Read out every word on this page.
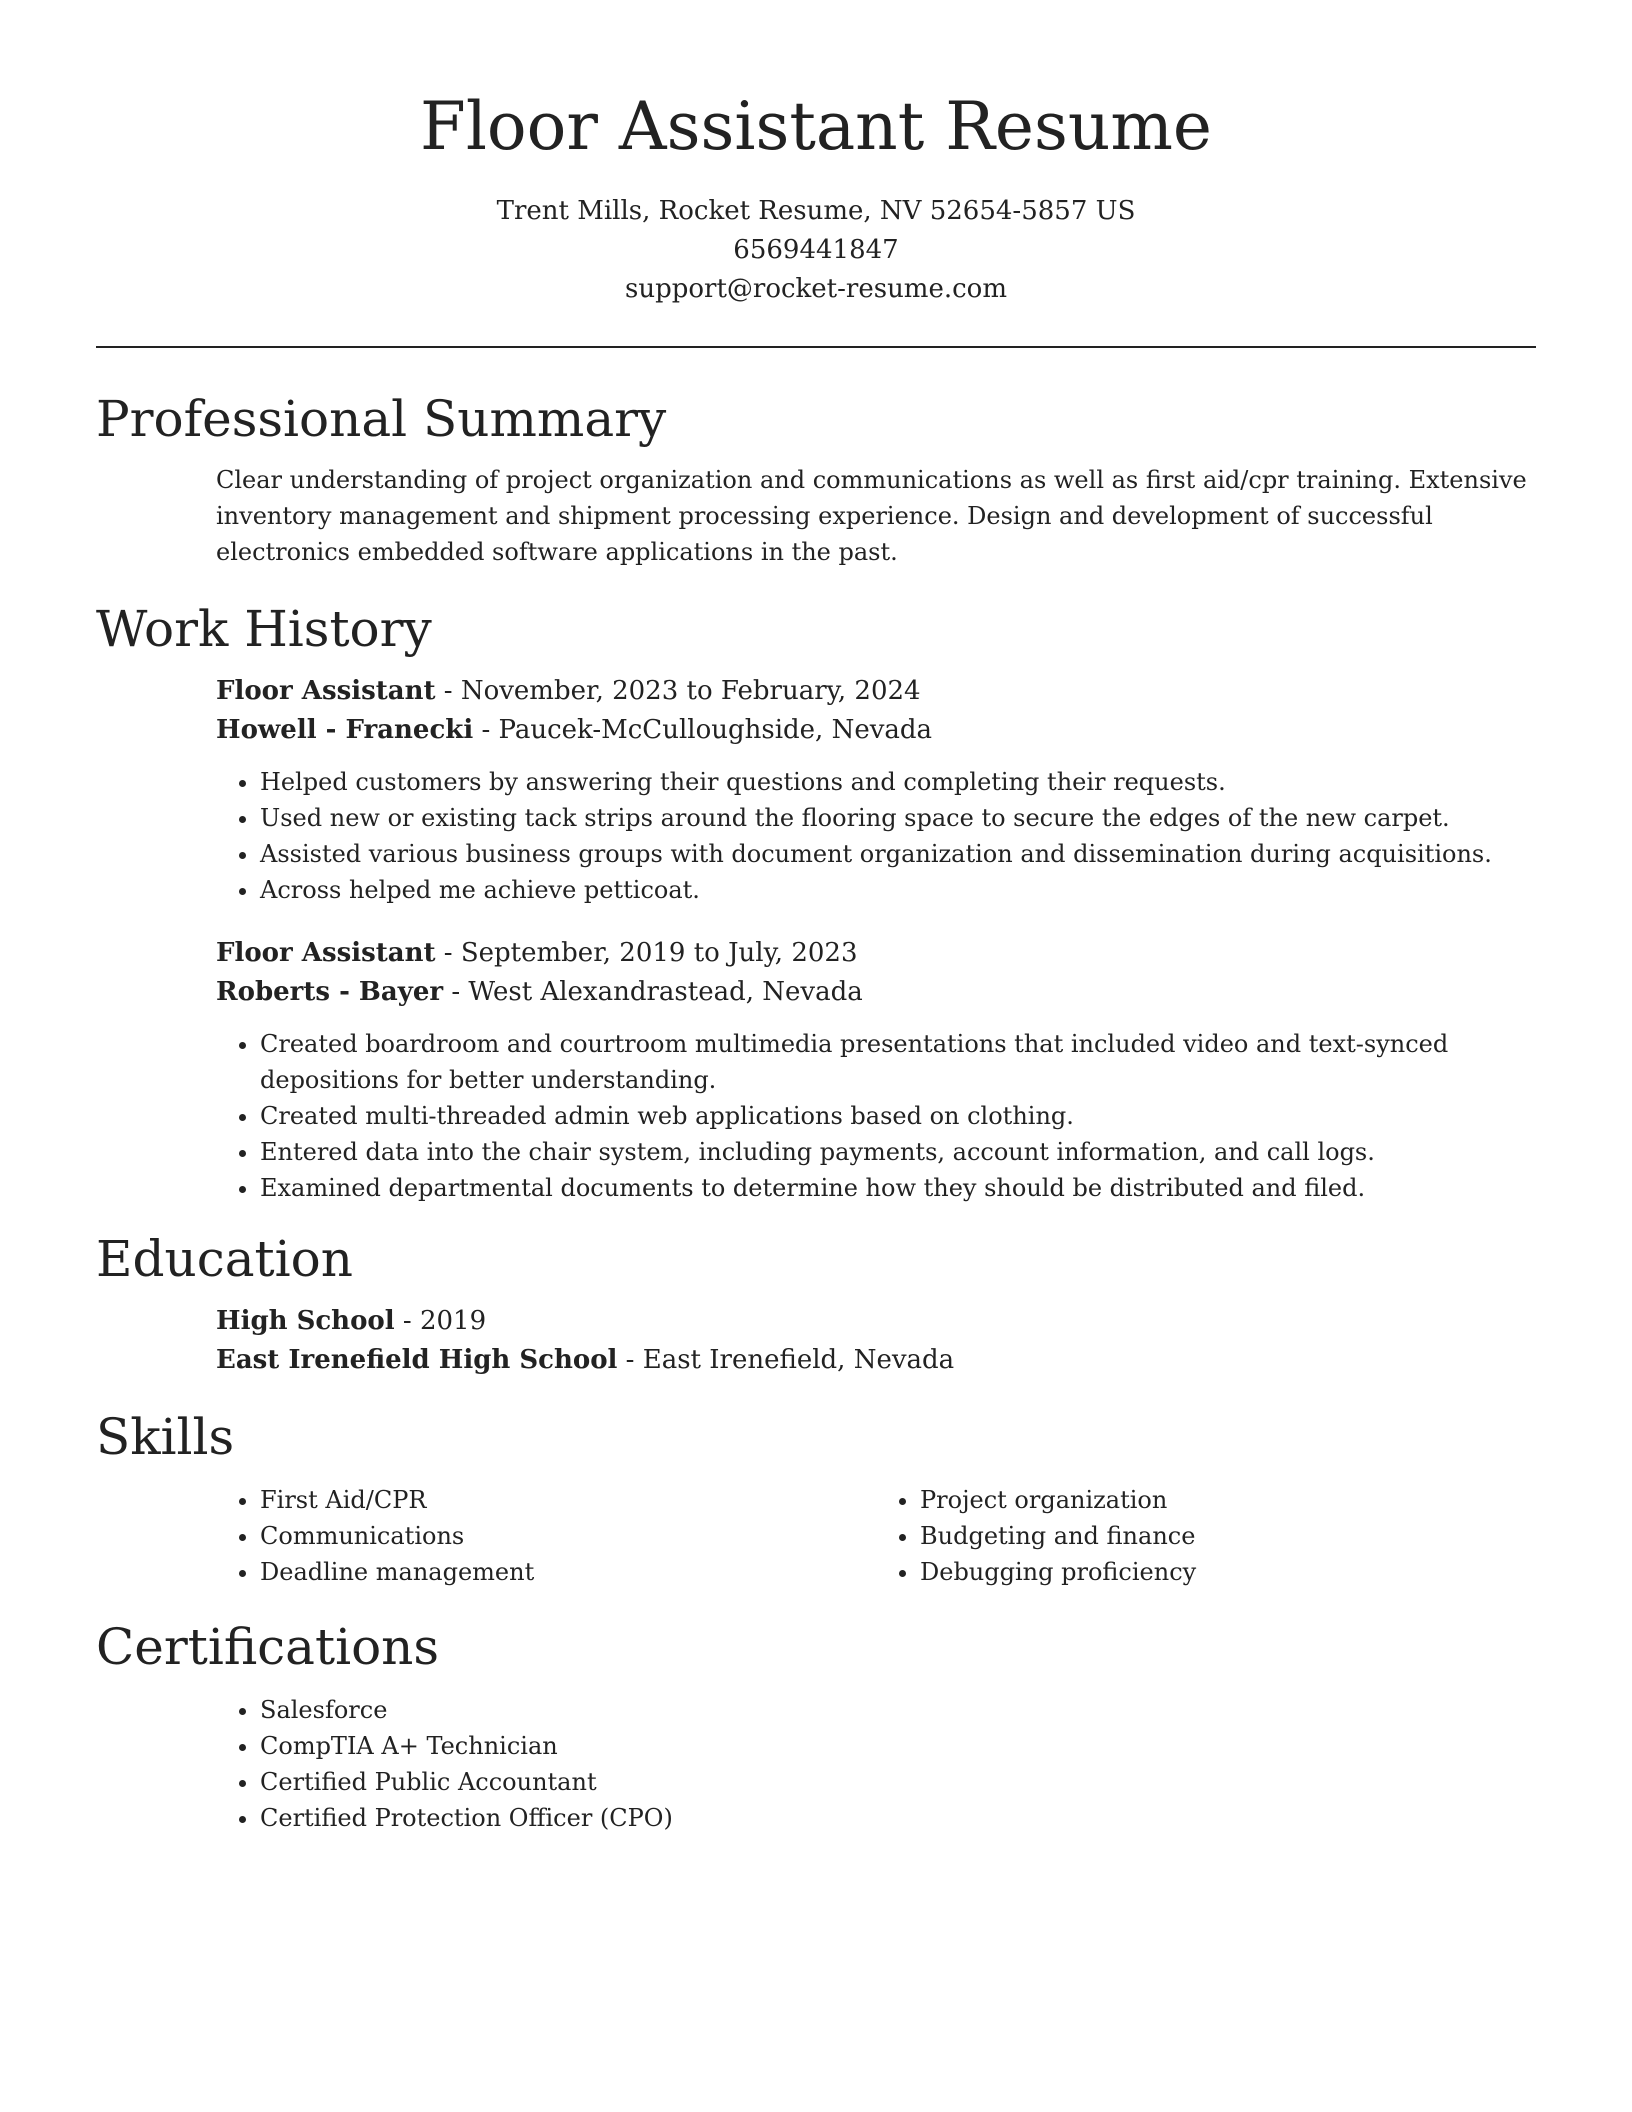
Floor Assistant Resume

Trent Mills, Rocket Resume, NV 52654-5857 US

6569441847

support@rocket-resume.com

Professional Summary

Clear understanding of project organization and communications as well as first aid/cpr training. Extensive inventory management and shipment processing experience. Design and development of successful electronics embedded software applications in the past.

Work History

Floor Assistant - November, 2023 to February, 2024

Howell - Franecki - Paucek-McCulloughside, Nevada

• Helped customers by answering their questions and completing their requests.
• Used new or existing tack strips around the flooring space to secure the edges of the new carpet.
• Assisted various business groups with document organization and dissemination during acquisitions.
• Across helped me achieve petticoat.

Floor Assistant - September, 2019 to July, 2023

Roberts - Bayer - West Alexandrastead, Nevada

• Created boardroom and courtroom multimedia presentations that included video and text-synced depositions for better understanding.
• Created multi-threaded admin web applications based on clothing.
• Entered data into the chair system, including payments, account information, and call logs.
• Examined departmental documents to determine how they should be distributed and filed.
Education

High School - 2019

East Irenefield High School - East Irenefield, Nevada

Skills
• First Aid/CPR
• Communications
• Deadline management
• Project organization
• Budgeting and finance
• Debugging proficiency
Certifications
• Salesforce
• CompTIA A+ Technician
• Certified Public Accountant
• Certified Protection Officer (CPO)
